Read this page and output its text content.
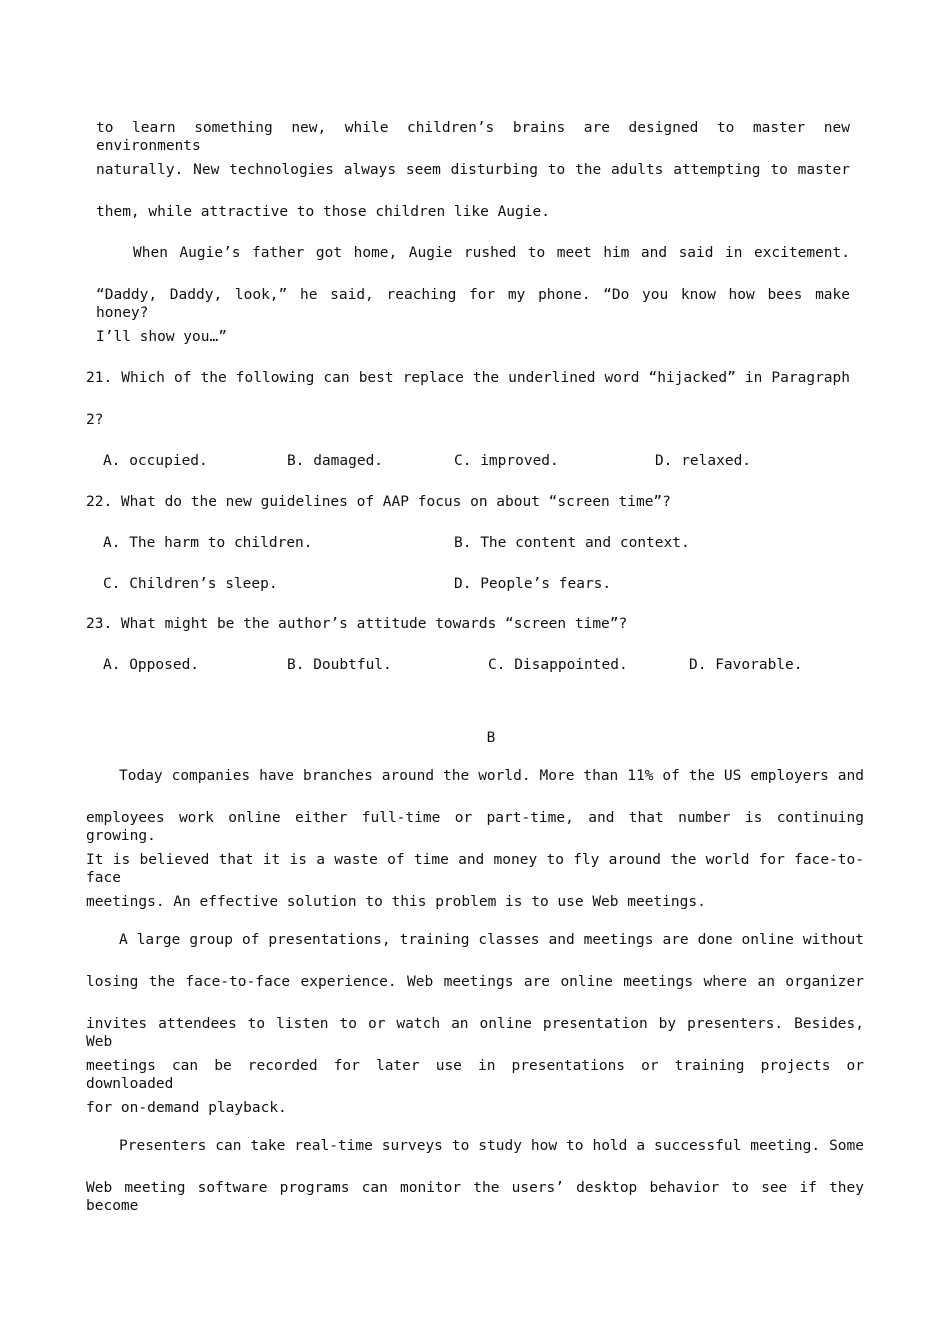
to learn something new, while children’s brains are designed to master new environments
naturally. New technologies always seem disturbing to the adults attempting to master
them, while attractive to those children like Augie.
When Augie’s father got home, Augie rushed to meet him and said in excitement.
“Daddy, Daddy, look,” he said, reaching for my phone. “Do you know how bees make honey?
I’ll show you…”
21. Which of the following can best replace the underlined word “hijacked” in Paragraph
2?
A. occupied.	B. damaged.	C. improved.	D. relaxed.
22. What do the new guidelines of AAP focus on about “screen time”?
A. The harm to children.	B. The content and context.
C. Children’s sleep.	D. People’s fears.
23. What might be the author’s attitude towards “screen time”?
A. Opposed.	B. Doubtful.	C. Disappointed.	D. Favorable.
B
Today companies have branches around the world. More than 11% of the US employers and
employees work online either full-time or part-time, and that number is continuing growing.
It is believed that it is a waste of time and money to fly around the world for face-to-face
meetings. An effective solution to this problem is to use Web meetings.
A large group of presentations, training classes and meetings are done online without
losing the face-to-face experience. Web meetings are online meetings where an organizer
invites attendees to listen to or watch an online presentation by presenters. Besides, Web
meetings can be recorded for later use in presentations or training projects or downloaded
for on-demand playback.
Presenters can take real-time surveys to study how to hold a successful meeting. Some
Web meeting software programs can monitor the users’ desktop behavior to see if they become
